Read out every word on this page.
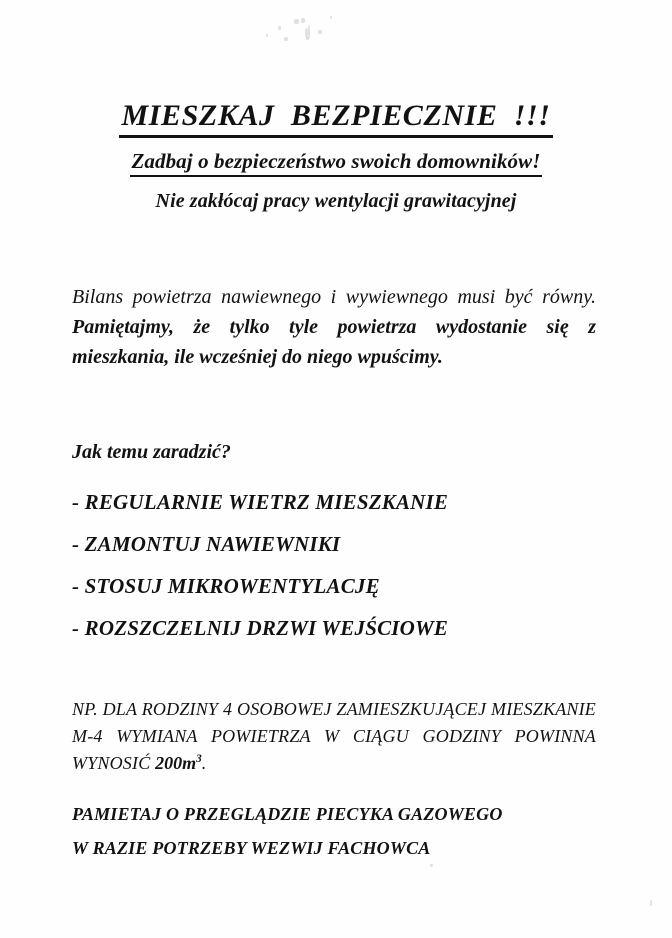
MIESZKAJ  BEZPIECZNIE  !!!
Zadbaj o bezpieczeństwo swoich domowników!
Nie zakłócaj pracy wentylacji grawitacyjnej

Bilans powietrza nawiewnego i wywiewnego musi być równy. Pamiętajmy, że tylko tyle powietrza wydostanie się z mieszkania, ile wcześniej do niego wpuścimy.

Jak temu zaradzić?
- REGULARNIE WIETRZ MIESZKANIE
- ZAMONTUJ NAWIEWNIKI
- STOSUJ MIKROWENTYLACJĘ
- ROZSZCZELNIJ DRZWI WEJŚCIOWE

NP. DLA RODZINY 4 OSOBOWEJ ZAMIESZKUJĄCEJ MIESZKANIE M-4 WYMIANA POWIETRZA W CIĄGU GODZINY POWINNA WYNOSIĆ $200m^3$.

PAMIETAJ O PRZEGLĄDZIE PIECYKA GAZOWEGO
W RAZIE POTRZEBY WEZWIJ FACHOWCA
